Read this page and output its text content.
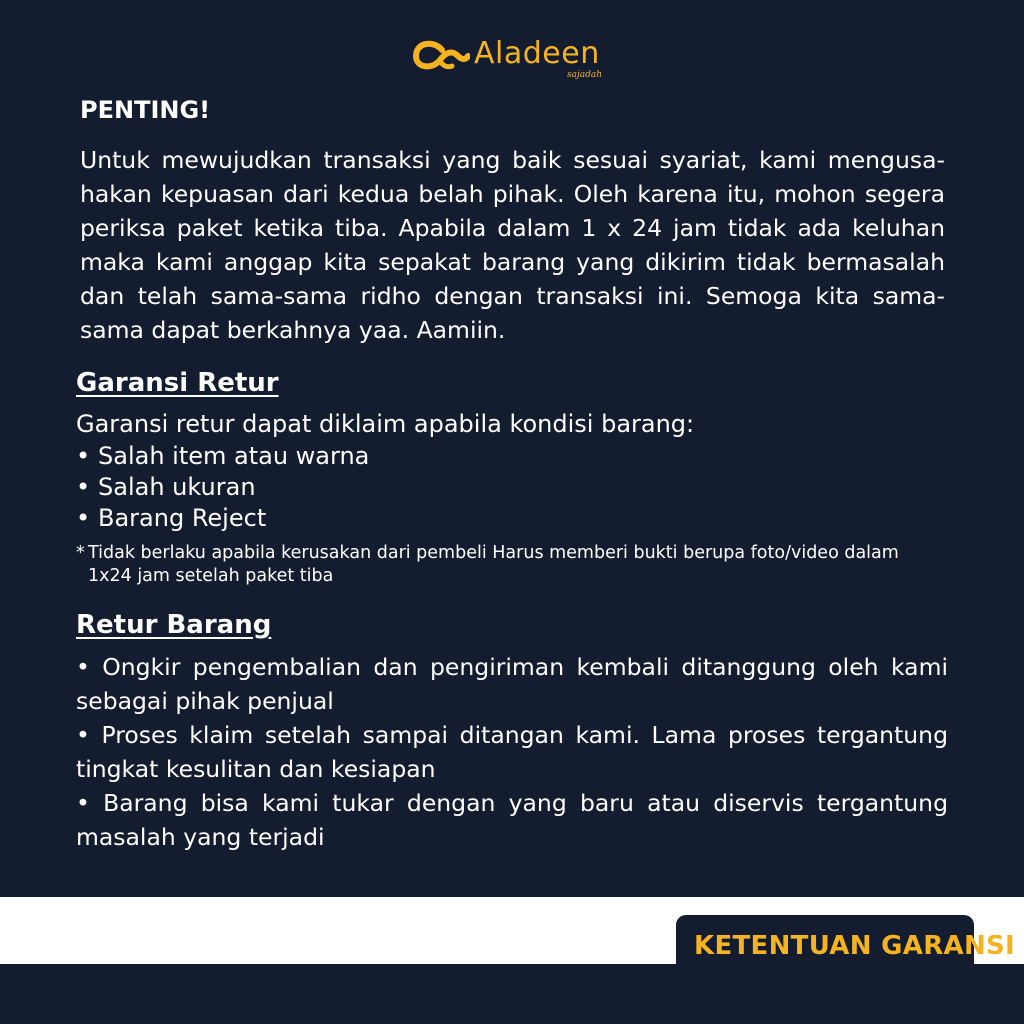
Aladeen
sajadah
PENTING!
Untuk mewujudkan transaksi yang baik sesuai syariat, kami mengusa-hakan kepuasan dari kedua belah pihak. Oleh karena itu, mohon segera periksa paket ketika tiba. Apabila dalam 1 x 24 jam tidak ada keluhan maka kami anggap kita sepakat barang yang dikirim tidak bermasalah dan telah sama-sama ridho dengan transaksi ini. Semoga kita sama-sama dapat berkahnya yaa. Aamiin.
Garansi Retur
Garansi retur dapat diklaim apabila kondisi barang:
• Salah item atau warna
• Salah ukuran
• Barang Reject
* Tidak berlaku apabila kerusakan dari pembeli Harus memberi bukti berupa foto/video dalam
1x24 jam setelah paket tiba
Retur Barang
• Ongkir pengembalian dan pengiriman kembali ditanggung oleh kami sebagai pihak penjual
• Proses klaim setelah sampai ditangan kami. Lama proses tergantung tingkat kesulitan dan kesiapan
• Barang bisa kami tukar dengan yang baru atau diservis tergantung masalah yang terjadi
KETENTUAN GARANSI
